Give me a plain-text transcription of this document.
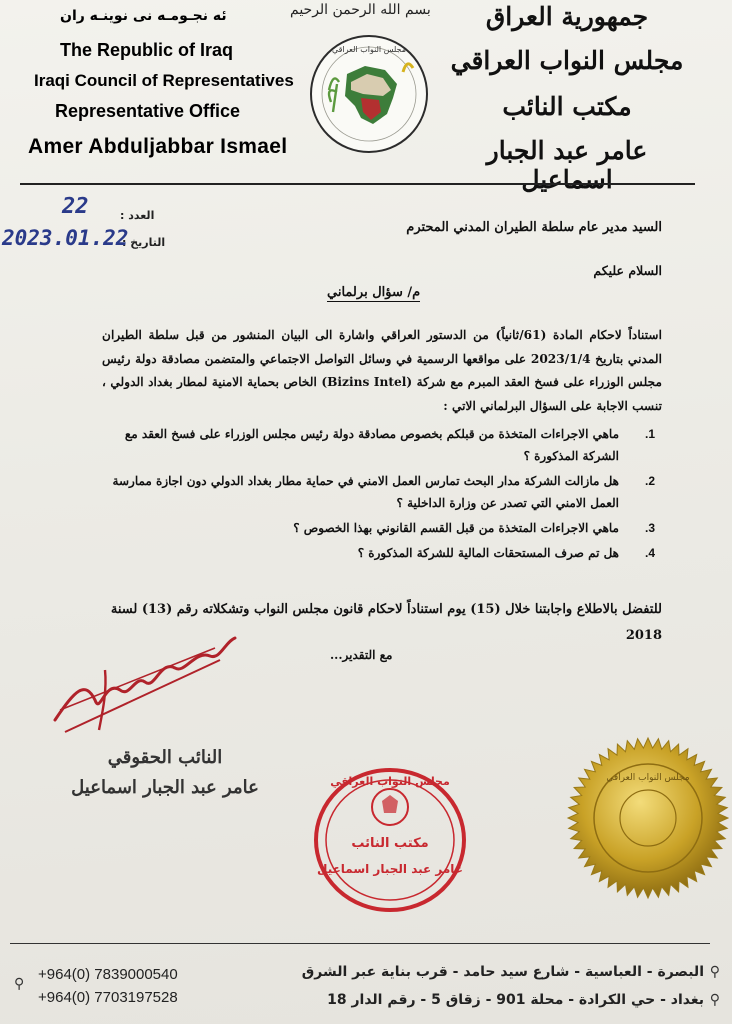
ئه نجـومـه نى نوينـه ران
The Republic of Iraq
Iraqi Council of Representatives
Representative Office
Amer Abduljabbar Ismael
جمهورية العراق
مجلس النواب العراقي
مكتب النائب
عامر عبد الجبار اسماعيل
بسم الله الرحمن الرحيم
مجلس النواب العراقي
العدد :
22
التاريخ :
2023.01.22	السيد مدير عام سلطة الطيران المدني المحترم
السلام عليكم
م/ سؤال برلماني
استناداً لاحكام المادة (61/ثانياً) من الدستور العراقي واشارة الى البيان المنشور من قبل سلطة الطيران المدني بتاريخ 2023/1/4 على مواقعها الرسمية في وسائل التواصل الاجتماعي والمتضمن مصادقة دولة رئيس مجلس الوزراء على فسخ العقد المبرم مع شركة (Bizins Intel) الخاص بحماية الامنية لمطار بغداد الدولي ، تنسب الاجابة على السؤال البرلماني الاتي :
1.
ماهي الاجراءات المتخذة من قبلكم بخصوص مصادقة دولة رئيس مجلس الوزراء على فسخ العقد مع الشركة المذكورة ؟
2.
هل مازالت الشركة مدار البحث تمارس العمل الامني في حماية مطار بغداد الدولي دون اجازة ممارسة العمل الامني التي تصدر عن وزارة الداخلية ؟
3.
ماهي الاجراءات المتخذة من قبل القسم القانوني بهذا الخصوص ؟
4.
هل تم صرف المستحقات المالية للشركة المذكورة ؟
للتفضل بالاطلاع واجابتنا خلال (15) يوم استناداً لاحكام قانون مجلس النواب وتشكلاته رقم (13) لسنة 2018
مع التقدير...
النائب الحقوقي
عامر عبد الجبار اسماعيل	مجلس النواب العراقي
مكتب النائب
عامر عبد الجبار اسماعيل
مجلس النواب العراقي
⚲
+964(0) 7839000540
+964(0) 7703197528
⚲
البصرة - العباسية - شارع سيد حامد - قرب بناية عبر الشرق
⚲
بغداد - حي الكرادة - محلة 901 - زقاق 5 - رقم الدار 18
